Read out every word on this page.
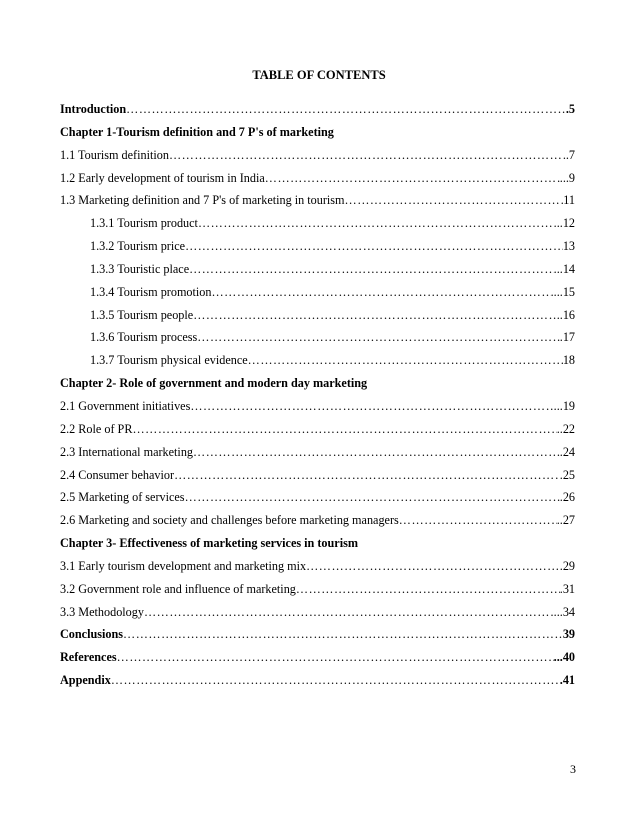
TABLE OF CONTENTS
Introduction ……………………………………………………………………………………………………………………………………………………………………………………………………	.5
Chapter 1-Tourism definition and 7 P's of marketing
1.1 Tourism definition ……………………………………………………………………………………………………………………………………………………………………………………………………	..7
1.2 Early development of tourism in India ……………………………………………………………………………………………………………………………………………………………………………………………………	...9
1.3 Marketing definition and 7 P's of marketing in tourism ……………………………………………………………………………………………………………………………………………………………………………………………………	11
1.3.1 Tourism product ……………………………………………………………………………………………………………………………………………………………………………………………………	...12
1.3.2 Tourism price ……………………………………………………………………………………………………………………………………………………………………………………………………	13
1.3.3 Touristic place ……………………………………………………………………………………………………………………………………………………………………………………………………	...14
1.3.4 Tourism promotion ……………………………………………………………………………………………………………………………………………………………………………………………………	....15
1.3.5 Tourism people ……………………………………………………………………………………………………………………………………………………………………………………………………	..16
1.3.6 Tourism process ……………………………………………………………………………………………………………………………………………………………………………………………………	.17
1.3.7 Tourism physical evidence ……………………………………………………………………………………………………………………………………………………………………………………………………	18
Chapter 2- Role of government and modern day marketing
2.1 Government initiatives ……………………………………………………………………………………………………………………………………………………………………………………………………	...19
2.2 Role of PR ……………………………………………………………………………………………………………………………………………………………………………………………………	..22
2.3 International marketing ……………………………………………………………………………………………………………………………………………………………………………………………………	.24
2.4 Consumer behavior ……………………………………………………………………………………………………………………………………………………………………………………………………	.25
2.5 Marketing of services ……………………………………………………………………………………………………………………………………………………………………………………………………	.26
2.6 Marketing and society and challenges before marketing managers ……………………………………………………………………………………………………………………………………………………………………………………………………	..27
Chapter 3- Effectiveness of marketing services in tourism
3.1 Early tourism development and marketing mix ……………………………………………………………………………………………………………………………………………………………………………………………………	.29
3.2 Government role and influence of marketing ……………………………………………………………………………………………………………………………………………………………………………………………………	.31
3.3 Methodology ……………………………………………………………………………………………………………………………………………………………………………………………………	...34
Conclusions ……………………………………………………………………………………………………………………………………………………………………………………………………	39
References ……………………………………………………………………………………………………………………………………………………………………………………………………	...40
Appendix ……………………………………………………………………………………………………………………………………………………………………………………………………	.41
3
